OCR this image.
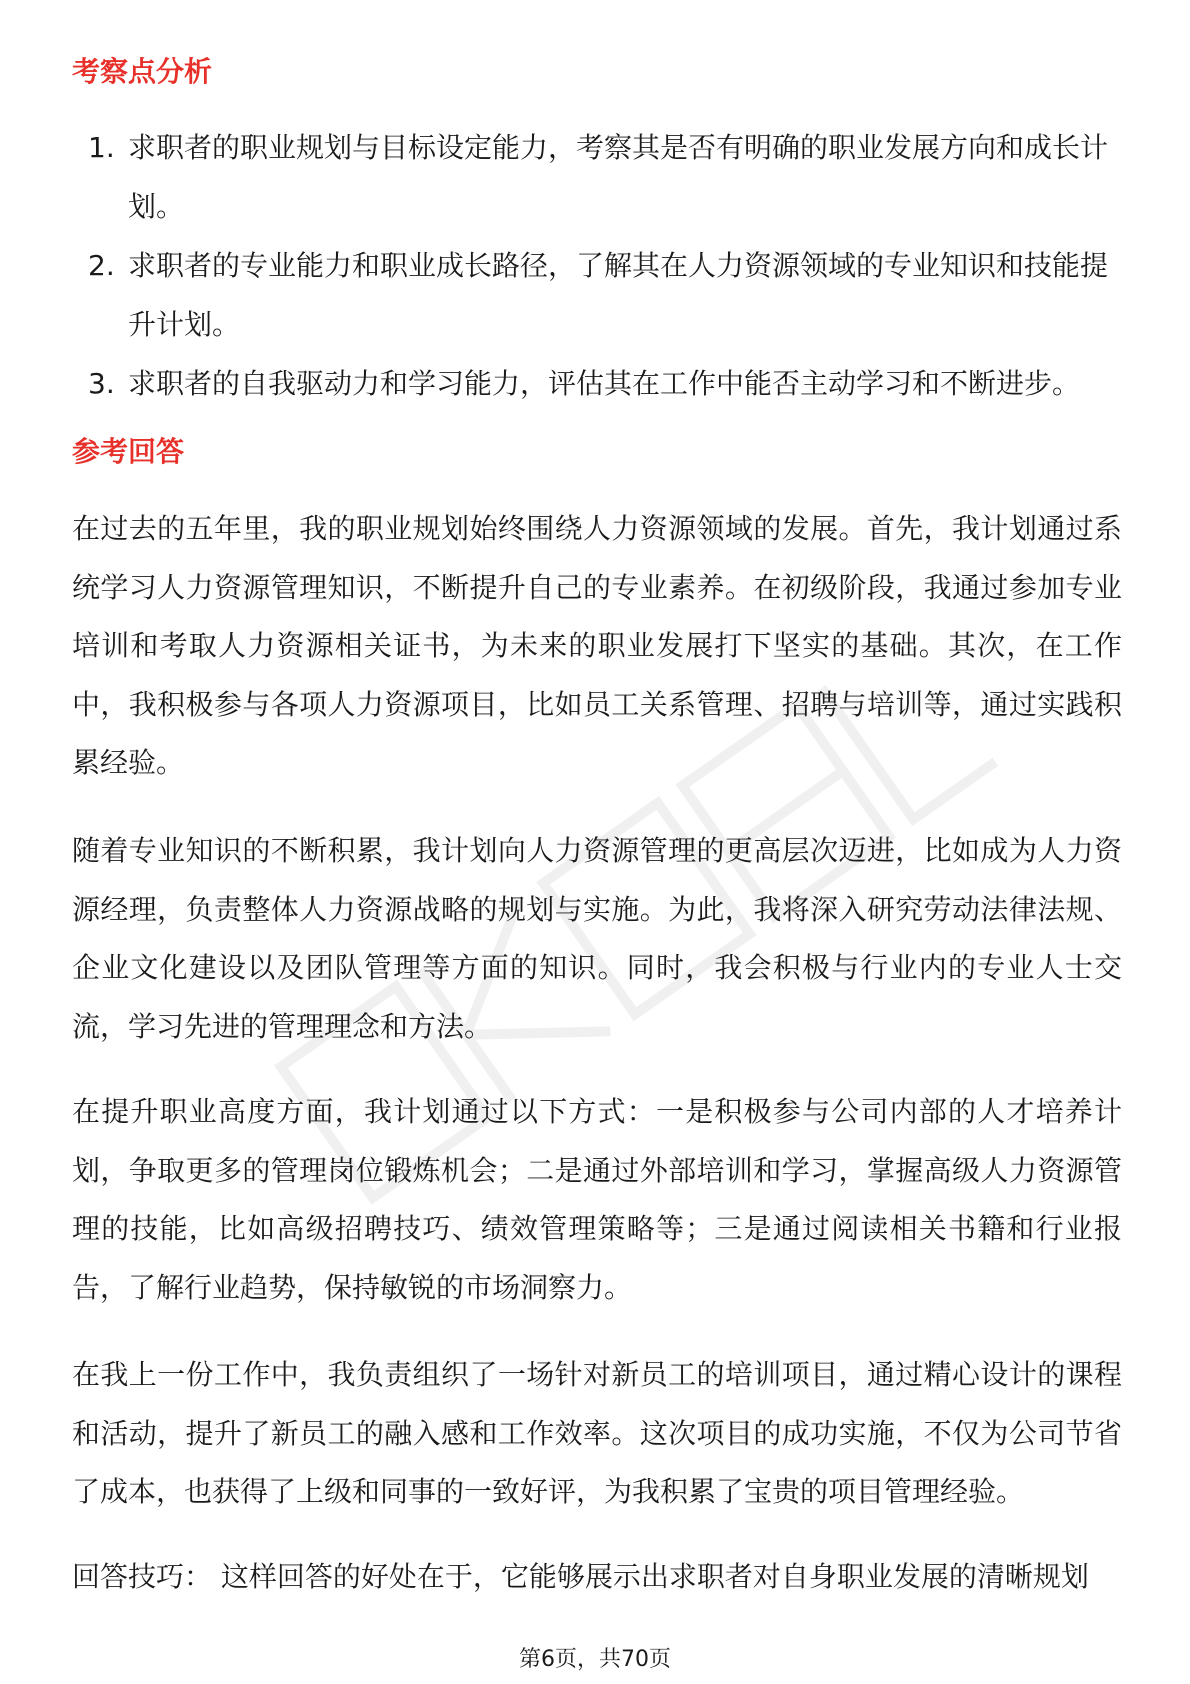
考察点分析
1. 求职者的职业规划与目标设定能力，考察其是否有明确的职业发展方向和成长计划。
2. 求职者的专业能力和职业成长路径，了解其在人力资源领域的专业知识和技能提升计划。
3. 求职者的自我驱动力和学习能力，评估其在工作中能否主动学习和不断进步。
参考回答

在过去的五年里，我的职业规划始终围绕人力资源领域的发展。首先，我计划通过系统学习人力资源管理知识，不断提升自己的专业素养。在初级阶段，我通过参加专业培训和考取人力资源相关证书，为未来的职业发展打下坚实的基础。其次，在工作中，我积极参与各项人力资源项目，比如员工关系管理、招聘与培训等，通过实践积累经验。

随着专业知识的不断积累，我计划向人力资源管理的更高层次迈进，比如成为人力资源经理，负责整体人力资源战略的规划与实施。为此，我将深入研究劳动法律法规、企业文化建设以及团队管理等方面的知识。同时，我会积极与行业内的专业人士交流，学习先进的管理理念和方法。

在提升职业高度方面，我计划通过以下方式：一是积极参与公司内部的人才培养计划，争取更多的管理岗位锻炼机会；二是通过外部培训和学习，掌握高级人力资源管理的技能，比如高级招聘技巧、绩效管理策略等；三是通过阅读相关书籍和行业报告，了解行业趋势，保持敏锐的市场洞察力。

在我上一份工作中，我负责组织了一场针对新员工的培训项目，通过精心设计的课程和活动，提升了新员工的融入感和工作效率。这次项目的成功实施，不仅为公司节省了成本，也获得了上级和同事的一致好评，为我积累了宝贵的项目管理经验。

回答技巧： 这样回答的好处在于，它能够展示出求职者对自身职业发展的清晰规划

第6页，共70页
